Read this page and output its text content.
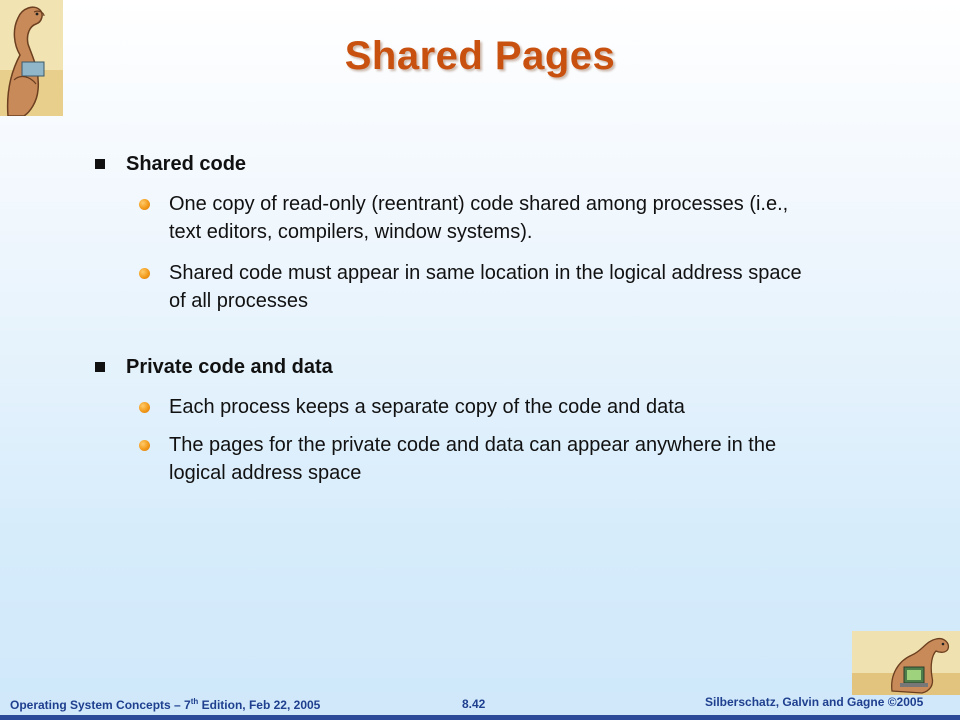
Shared Pages
Shared code
One copy of read-only (reentrant) code shared among processes (i.e., text editors, compilers, window systems).
Shared code must appear in same location in the logical address space of all processes
Private code and data
Each process keeps a separate copy of the code and data
The pages for the private code and data can appear anywhere in the logical address space
Operating System Concepts – 7th Edition, Feb 22, 2005	8.42	Silberschatz, Galvin and Gagne ©2005
